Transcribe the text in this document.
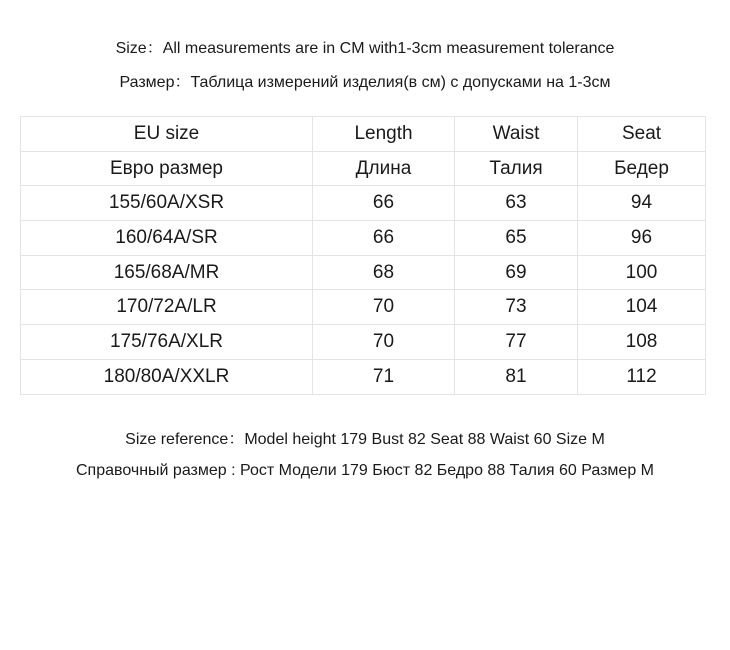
Size：All measurements are in CM with1-3cm measurement tolerance
Размер：Таблица измерений изделия(в см) с допусками на 1-3см
EU size	Length	Waist	Seat
Евро размер	Длина	Талия	Бедер
155/60A/XSR	66	63	94
160/64A/SR	66	65	96
165/68A/MR	68	69	100
170/72A/LR	70	73	104
175/76A/XLR	70	77	108
180/80A/XXLR	71	81	112
Size reference：Model height 179 Bust 82 Seat 88 Waist 60 Size M
Справочный размер : Рост Модели 179 Бюст 82 Бедро 88 Талия 60 Размер М
